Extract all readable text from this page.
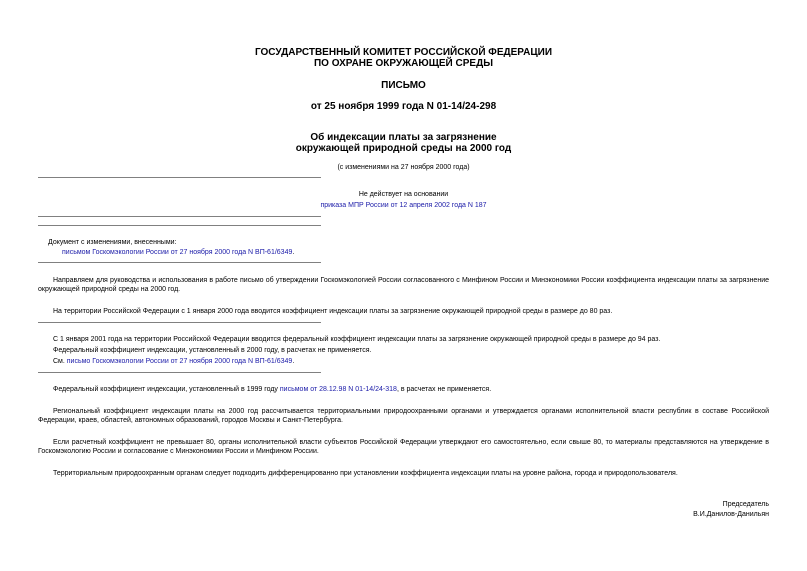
ГОСУДАРСТВЕННЫЙ КОМИТЕТ РОССИЙСКОЙ ФЕДЕРАЦИИ
ПО ОХРАНЕ ОКРУЖАЮЩЕЙ СРЕДЫ
ПИСЬМО
от 25 ноября 1999 года N 01-14/24-298
Об индексации платы за загрязнение
окружающей природной среды на 2000 год
(с изменениями на 27 ноября 2000 года)
Не действует на основании
приказа МПР России от 12 апреля 2002 года N 187
Документ с изменениями, внесенными:
письмом Госкомэкологии России от 27 ноября 2000 года N ВП-61/6349.
Направляем для руководства и использования в работе письмо об утверждении Госкомэкологией России согласованного с Минфином России и Минэкономики России коэффициента индексации платы за загрязнение окружающей природной среды на 2000 год.
На территории Российской Федерации с 1 января 2000 года вводится коэффициент индексации платы за загрязнение окружающей природной среды в размере до 80 раз.
С 1 января 2001 года на территории Российской Федерации вводится федеральный коэффициент индексации платы за загрязнение окружающей природной среды в размере до 94 раз.
Федеральный коэффициент индексации, установленный в 2000 году, в расчетах не применяется.
См. письмо Госкомэкологии России от 27 ноября 2000 года N ВП-61/6349.
Федеральный коэффициент индексации, установленный в 1999 году письмом от 28.12.98 N 01-14/24-318, в расчетах не применяется.
Региональный коэффициент индексации платы на 2000 год рассчитывается территориальными природоохранными органами и утверждается органами исполнительной власти республик в составе Российской Федерации, краев, областей, автономных образований, городов Москвы и Санкт-Петербурга.
Если расчетный коэффициент не превышает 80, органы исполнительной власти субъектов Российской Федерации утверждают его самостоятельно, если свыше 80, то материалы представляются на утверждение в Госкомэкологию России и согласование с Минэкономики России и Минфином России.
Территориальным природоохранным органам следует подходить дифференцированно при установлении коэффициента индексации платы на уровне района, города и природопользователя.
Председатель
В.И.Данилов-Данильян
